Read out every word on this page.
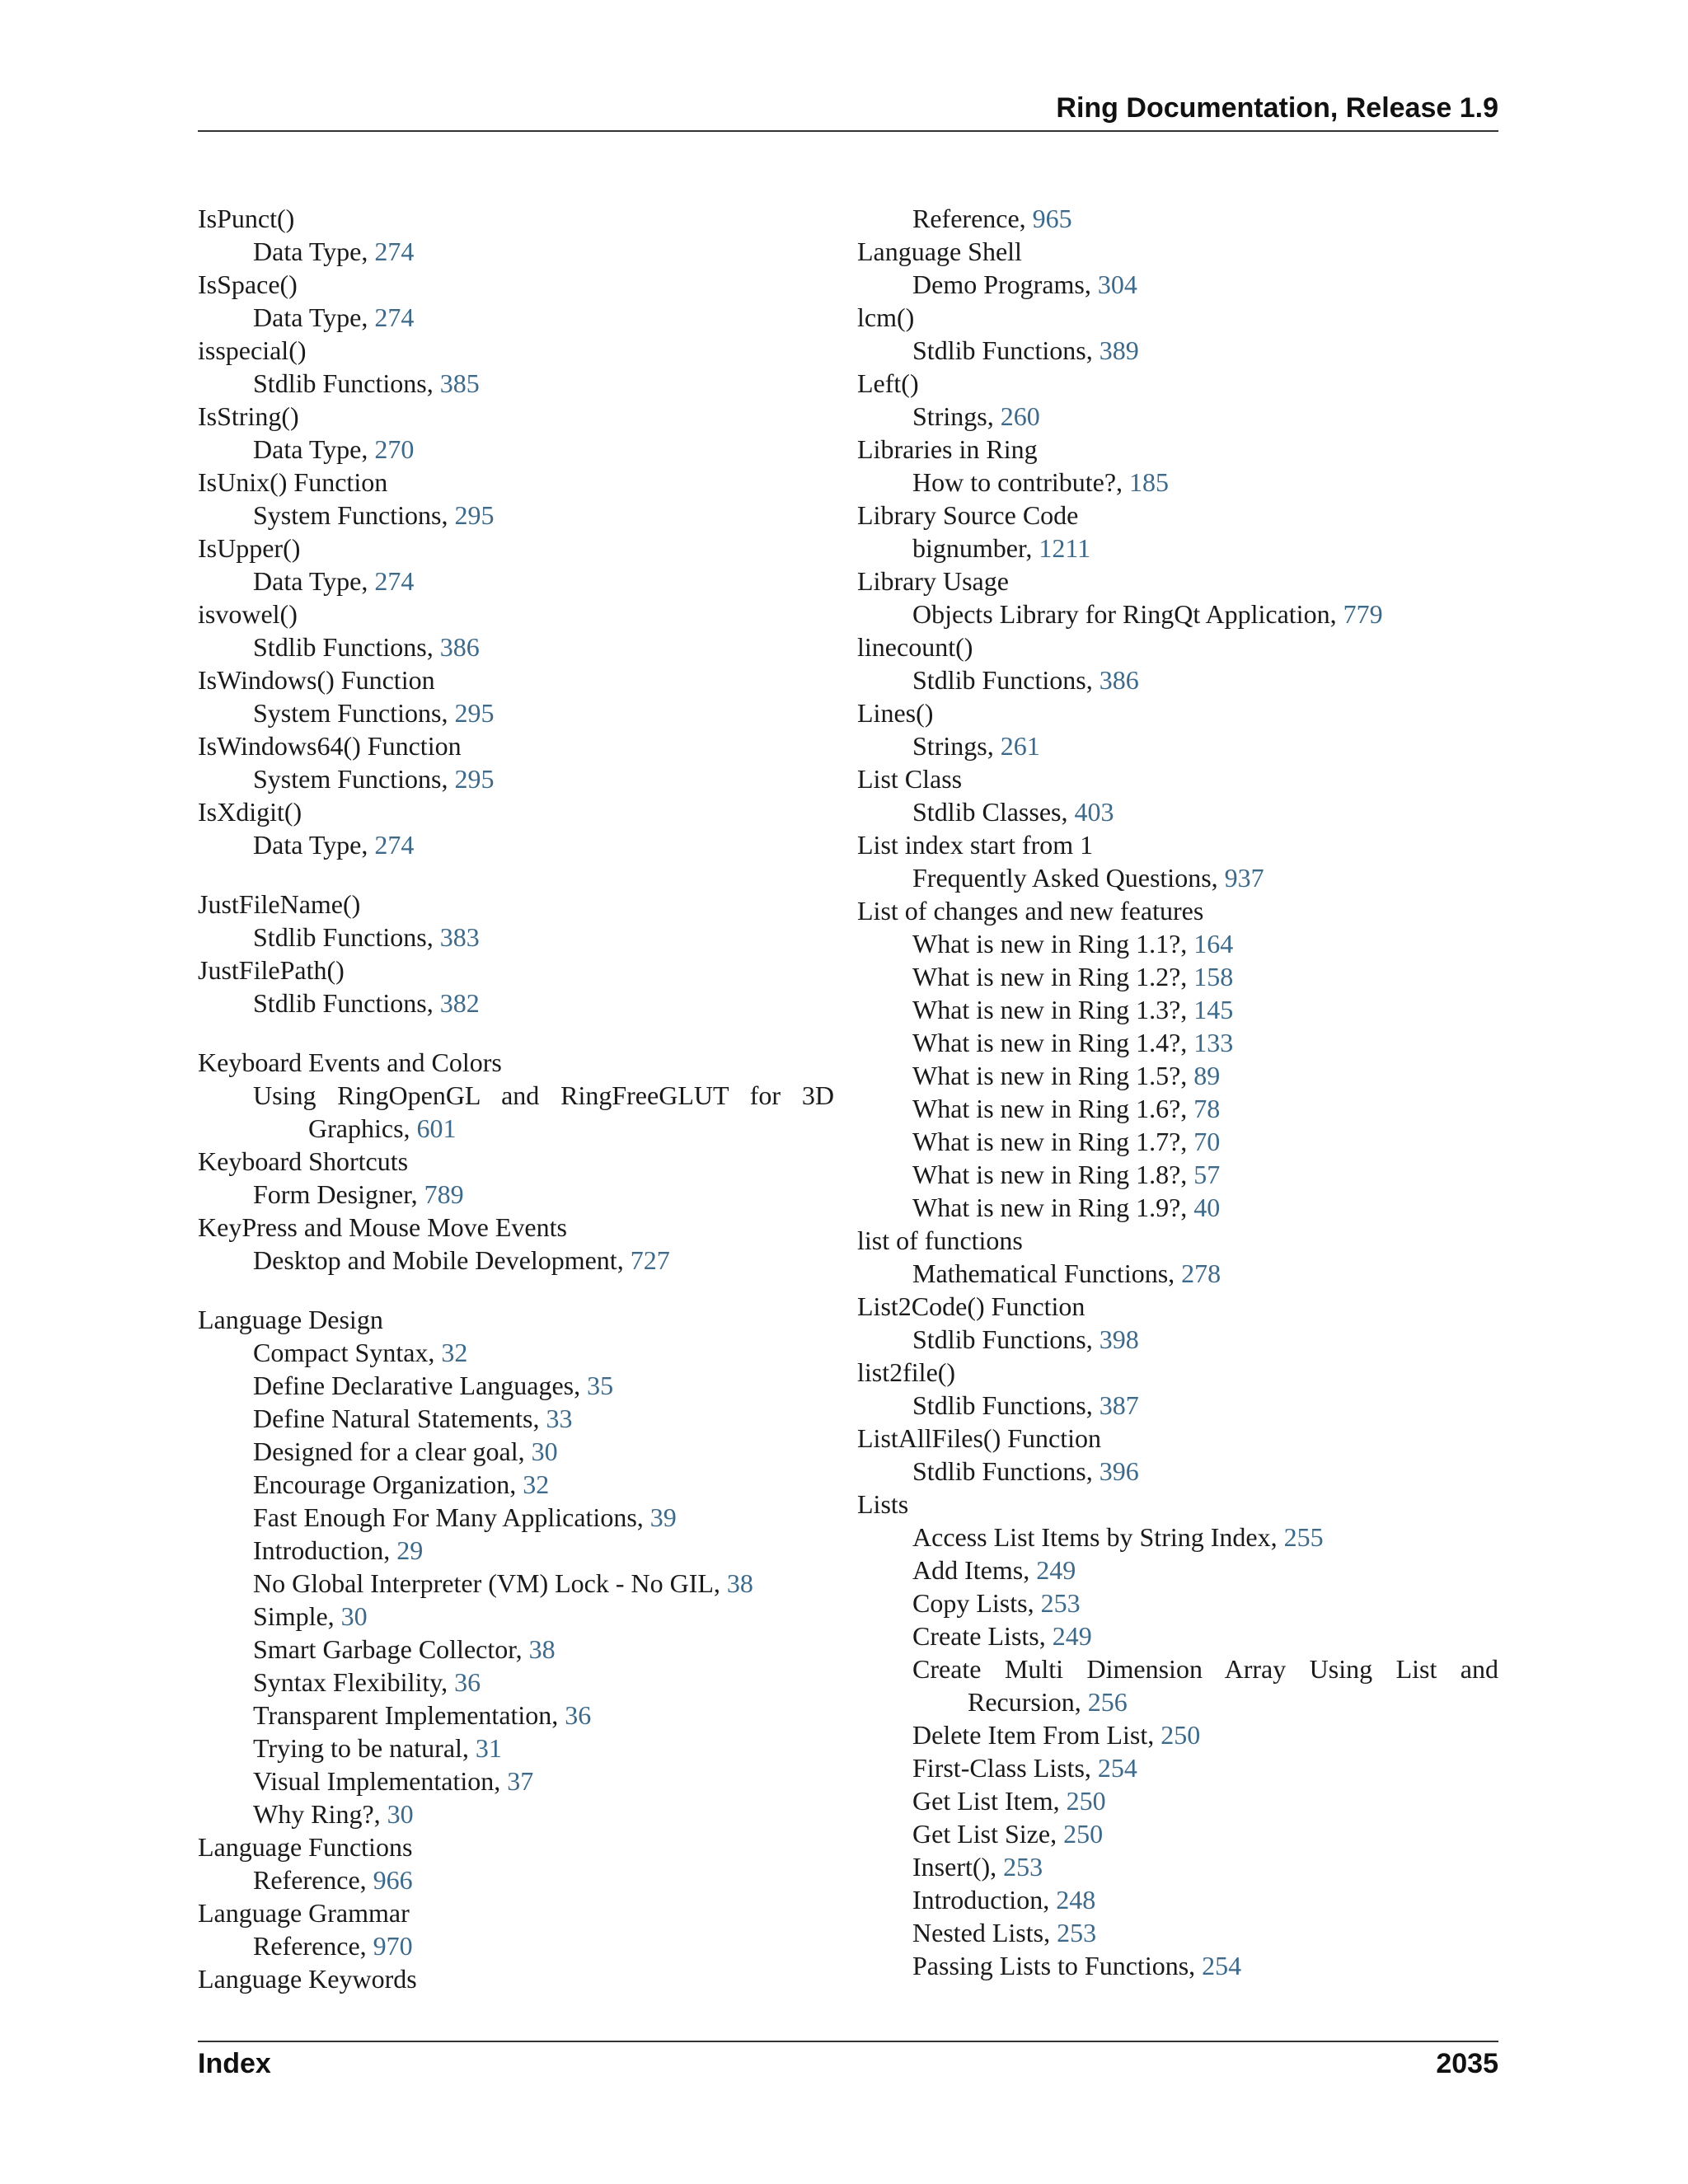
Ring Documentation, Release 1.9
IsPunct()
Data Type, 274
IsSpace()
Data Type, 274
isspecial()
Stdlib Functions, 385
IsString()
Data Type, 270
IsUnix() Function
System Functions, 295
IsUpper()
Data Type, 274
isvowel()
Stdlib Functions, 386
IsWindows() Function
System Functions, 295
IsWindows64() Function
System Functions, 295
IsXdigit()
Data Type, 274
JustFileName()
Stdlib Functions, 383
JustFilePath()
Stdlib Functions, 382
Keyboard Events and Colors
Using RingOpenGL and RingFreeGLUT for 3D Graphics, 601
Keyboard Shortcuts
Form Designer, 789
KeyPress and Mouse Move Events
Desktop and Mobile Development, 727
Language Design
Compact Syntax, 32
Define Declarative Languages, 35
Define Natural Statements, 33
Designed for a clear goal, 30
Encourage Organization, 32
Fast Enough For Many Applications, 39
Introduction, 29
No Global Interpreter (VM) Lock - No GIL, 38
Simple, 30
Smart Garbage Collector, 38
Syntax Flexibility, 36
Transparent Implementation, 36
Trying to be natural, 31
Visual Implementation, 37
Why Ring?, 30
Language Functions
Reference, 966
Language Grammar
Reference, 970
Language Keywords
Reference, 965
Language Shell
Demo Programs, 304
lcm()
Stdlib Functions, 389
Left()
Strings, 260
Libraries in Ring
How to contribute?, 185
Library Source Code
bignumber, 1211
Library Usage
Objects Library for RingQt Application, 779
linecount()
Stdlib Functions, 386
Lines()
Strings, 261
List Class
Stdlib Classes, 403
List index start from 1
Frequently Asked Questions, 937
List of changes and new features
What is new in Ring 1.1?, 164
What is new in Ring 1.2?, 158
What is new in Ring 1.3?, 145
What is new in Ring 1.4?, 133
What is new in Ring 1.5?, 89
What is new in Ring 1.6?, 78
What is new in Ring 1.7?, 70
What is new in Ring 1.8?, 57
What is new in Ring 1.9?, 40
list of functions
Mathematical Functions, 278
List2Code() Function
Stdlib Functions, 398
list2file()
Stdlib Functions, 387
ListAllFiles() Function
Stdlib Functions, 396
Lists
Access List Items by String Index, 255
Add Items, 249
Copy Lists, 253
Create Lists, 249
Create Multi Dimension Array Using List and Recursion, 256
Delete Item From List, 250
First-Class Lists, 254
Get List Item, 250
Get List Size, 250
Insert(), 253
Introduction, 248
Nested Lists, 253
Passing Lists to Functions, 254
Index	2035
